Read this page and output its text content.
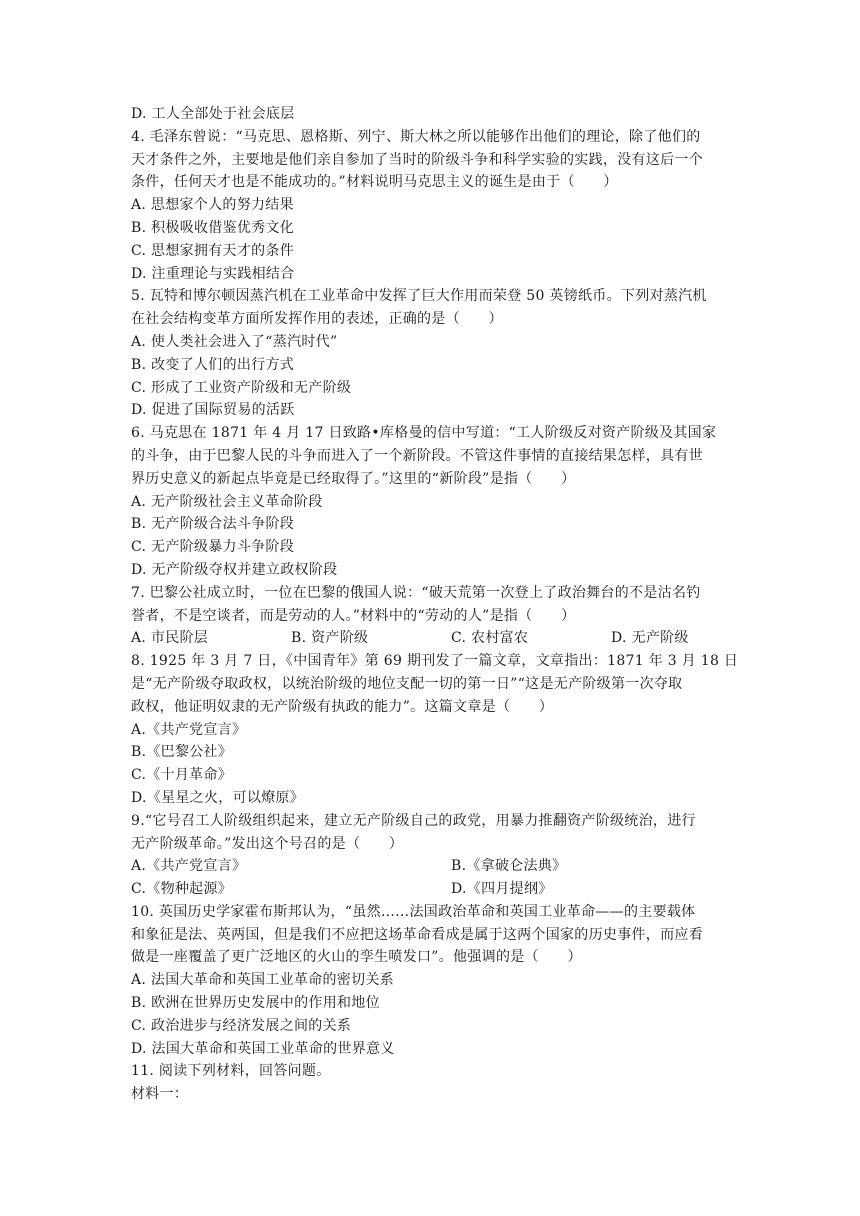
D. 工人全部处于社会底层
4. 毛泽东曾说：“马克思、恩格斯、列宁、斯大林之所以能够作出他们的理论，除了他们的
天才条件之外，主要地是他们亲自参加了当时的阶级斗争和科学实验的实践，没有这后一个
条件，任何天才也是不能成功的。”材料说明马克思主义的诞生是由于（　　）
A. 思想家个人的努力结果
B. 积极吸收借鉴优秀文化
C. 思想家拥有天才的条件
D. 注重理论与实践相结合
5. 瓦特和博尔顿因蒸汽机在工业革命中发挥了巨大作用而荣登 50 英镑纸币。下列对蒸汽机
在社会结构变革方面所发挥作用的表述，正确的是（　　）
A. 使人类社会进入了“蒸汽时代”
B. 改变了人们的出行方式
C. 形成了工业资产阶级和无产阶级
D. 促进了国际贸易的活跃
6. 马克思在 1871 年 4 月 17 日致路•库格曼的信中写道：“工人阶级反对资产阶级及其国家
的斗争，由于巴黎人民的斗争而进入了一个新阶段。不管这件事情的直接结果怎样，具有世
界历史意义的新起点毕竟是已经取得了。”这里的“新阶段”是指（　　）
A. 无产阶级社会主义革命阶段
B. 无产阶级合法斗争阶段
C. 无产阶级暴力斗争阶段
D. 无产阶级夺权并建立政权阶段
7. 巴黎公社成立时，一位在巴黎的俄国人说：“破天荒第一次登上了政治舞台的不是沽名钓
誉者，不是空谈者，而是劳动的人。”材料中的“劳动的人”是指（　　）
A. 市民阶层	B. 资产阶级	C. 农村富农	D. 无产阶级
8. 1925 年 3 月 7 日，《中国青年》第 69 期刊发了一篇文章，文章指出：1871 年 3 月 18 日
是“无产阶级夺取政权，以统治阶级的地位支配一切的第一日”“这是无产阶级第一次夺取
政权，他证明奴隶的无产阶级有执政的能力”。这篇文章是（　　）
A.《共产党宣言》
B.《巴黎公社》
C.《十月革命》
D.《星星之火，可以燎原》
9.“它号召工人阶级组织起来，建立无产阶级自己的政党，用暴力推翻资产阶级统治，进行
无产阶级革命。”发出这个号召的是（　　）
A.《共产党宣言》	B.《拿破仑法典》
C.《物种起源》	D.《四月提纲》
10. 英国历史学家霍布斯邦认为，“虽然……法国政治革命和英国工业革命——的主要载体
和象征是法、英两国，但是我们不应把这场革命看成是属于这两个国家的历史事件，而应看
做是一座覆盖了更广泛地区的火山的孪生喷发口”。他强调的是（　　）
A. 法国大革命和英国工业革命的密切关系
B. 欧洲在世界历史发展中的作用和地位
C. 政治进步与经济发展之间的关系
D. 法国大革命和英国工业革命的世界意义
11. 阅读下列材料，回答问题。
材料一：
